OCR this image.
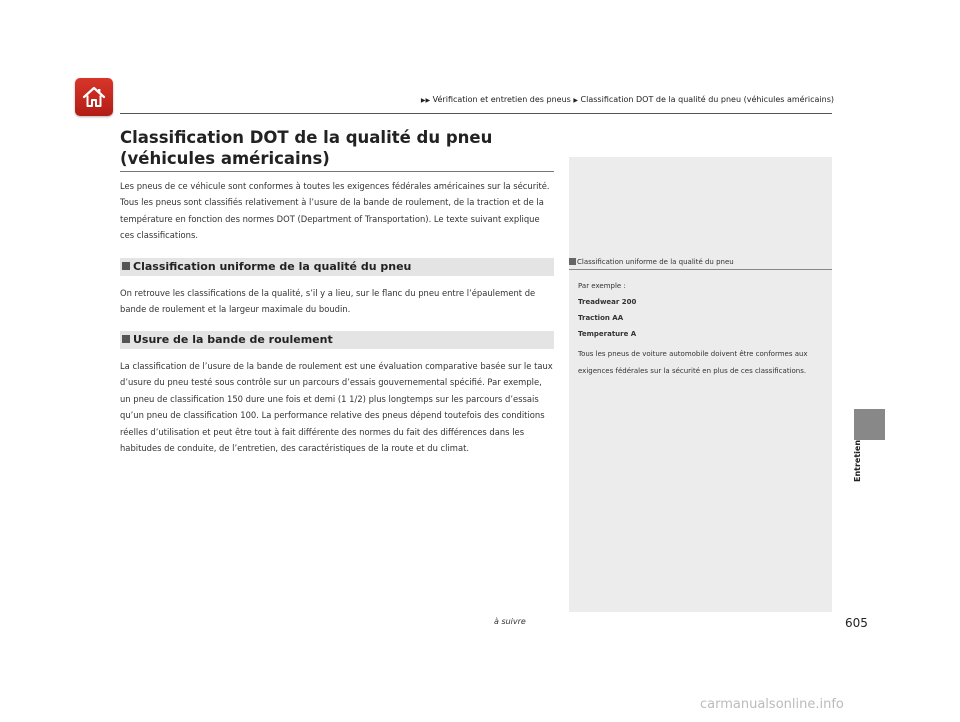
▶▶ Vérification et entretien des pneus ▶ Classification DOT de la qualité du pneu (véhicules américains)
Classification DOT de la qualité du pneu (véhicules américains)

Les pneus de ce véhicule sont conformes à toutes les exigences fédérales américaines sur la sécurité. Tous les pneus sont classifiés relativement à l’usure de la bande de roulement, de la traction et de la température en fonction des normes DOT (Department of Transportation). Le texte suivant explique ces classifications.

Classification uniforme de la qualité du pneu

On retrouve les classifications de la qualité, s’il y a lieu, sur le flanc du pneu entre l’épaulement de bande de roulement et la largeur maximale du boudin.

Usure de la bande de roulement

La classification de l’usure de la bande de roulement est une évaluation comparative basée sur le taux d’usure du pneu testé sous contrôle sur un parcours d’essais gouvernemental spécifié. Par exemple, un pneu de classification 150 dure une fois et demi (1 1/2) plus longtemps sur les parcours d’essais qu’un pneu de classification 100. La performance relative des pneus dépend toutefois des conditions réelles d’utilisation et peut être tout à fait différente des normes du fait des différences dans les habitudes de conduite, de l’entretien, des caractéristiques de la route et du climat.

Classification uniforme de la qualité du pneu
Par exemple :
Treadwear 200
Traction AA
Temperature A
Tous les pneus de voiture automobile doivent être conformes aux exigences fédérales sur la sécurité en plus de ces classifications.
Entretien
à suivre	605
carmanualsonline.info
